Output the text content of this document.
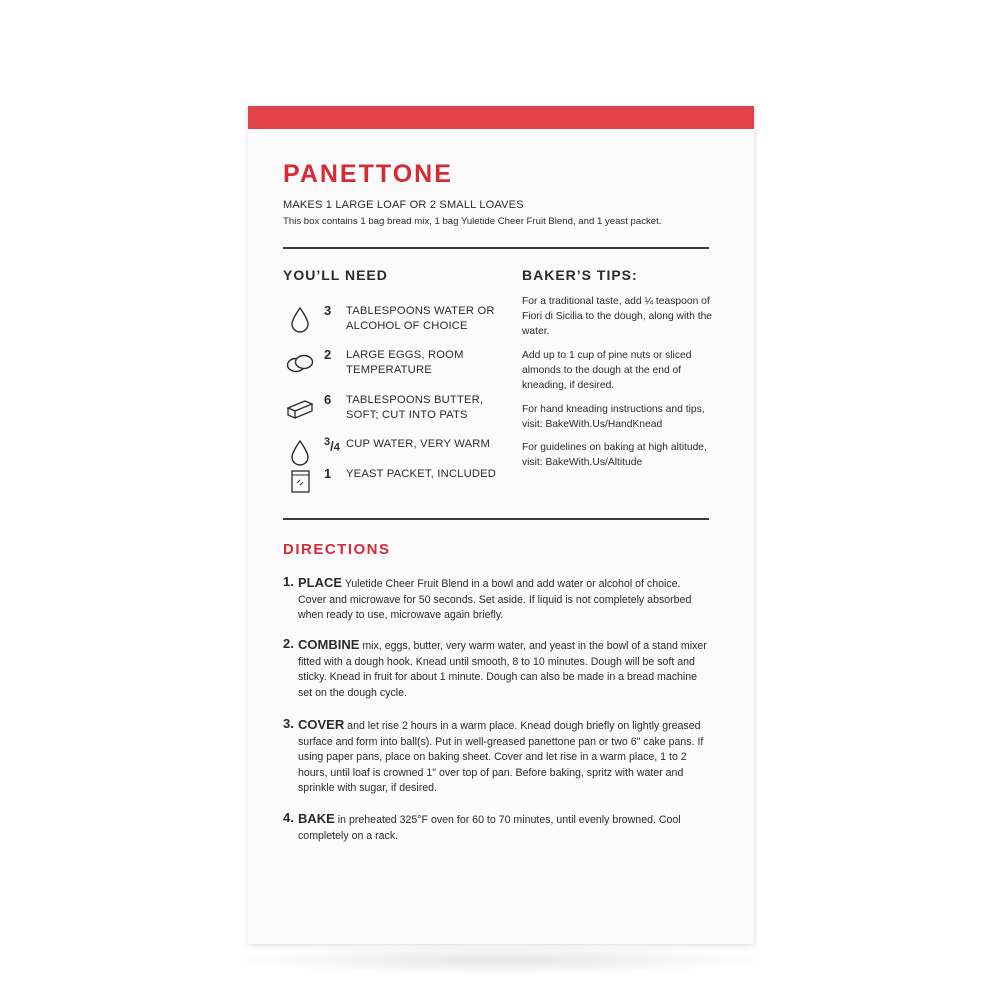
PANETTONE
MAKES 1 LARGE LOAF OR 2 SMALL LOAVES
This box contains 1 bag bread mix, 1 bag Yuletide Cheer Fruit Blend, and 1 yeast packet.
YOU’LL NEED
3 TABLESPOONS WATER OR ALCOHOL OF CHOICE
2 LARGE EGGS, ROOM TEMPERATURE
6 TABLESPOONS BUTTER, SOFT; CUT INTO PATS
$^3$/4 CUP WATER, VERY WARM
1 YEAST PACKET, INCLUDED
BAKER’S TIPS:
For a traditional taste, add ¼ teaspoon of Fiori di Sicilia to the dough, along with the water.
Add up to 1 cup of pine nuts or sliced almonds to the dough at the end of kneading, if desired.
For hand kneading instructions and tips, visit: BakeWith.Us/HandKnead
For guidelines on baking at high altitude, visit: BakeWith.Us/Altitude
DIRECTIONS
1. PLACE Yuletide Cheer Fruit Blend in a bowl and add water or alcohol of choice. Cover and microwave for 50 seconds. Set aside. If liquid is not completely absorbed when ready to use, microwave again briefly.
2. COMBINE mix, eggs, butter, very warm water, and yeast in the bowl of a stand mixer fitted with a dough hook. Knead until smooth, 8 to 10 minutes. Dough will be soft and sticky. Knead in fruit for about 1 minute. Dough can also be made in a bread machine set on the dough cycle.
3. COVER and let rise 2 hours in a warm place. Knead dough briefly on lightly greased surface and form into ball(s). Put in well-greased panettone pan or two 6" cake pans. If using paper pans, place on baking sheet. Cover and let rise in a warm place, 1 to 2 hours, until loaf is crowned 1" over top of pan. Before baking, spritz with water and sprinkle with sugar, if desired.
4. BAKE in preheated 325°F oven for 60 to 70 minutes, until evenly browned. Cool completely on a rack.
